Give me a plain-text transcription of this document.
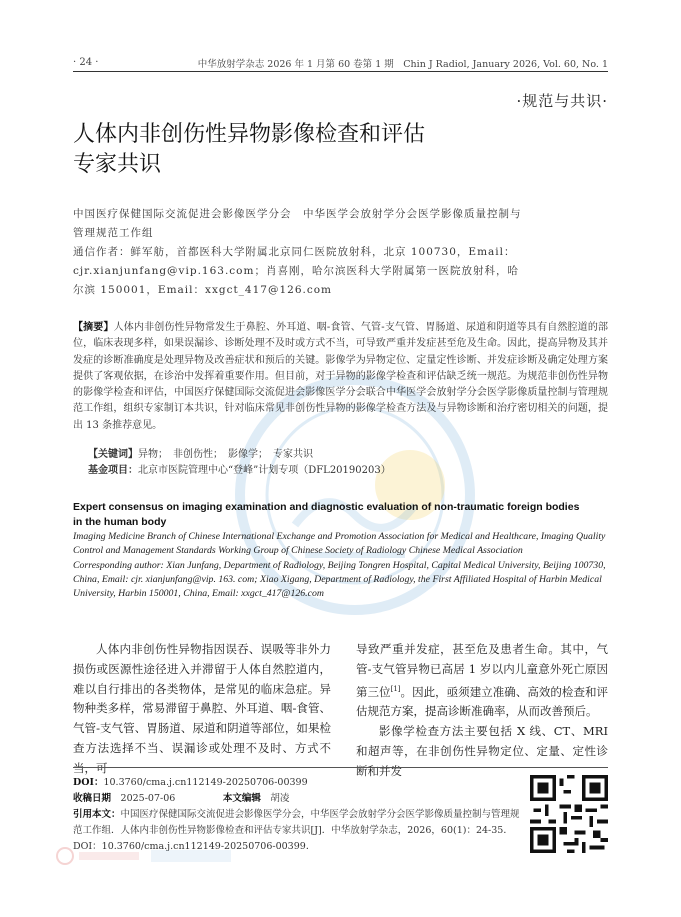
· 24 ·	中华放射学杂志 2026 年 1 月第 60 卷第 1 期　Chin J Radiol, January 2026, Vol. 60, No. 1
·规范与共识·
人体内非创伤性异物影像检查和评估
专家共识
中国医疗保健国际交流促进会影像医学分会　中华医学会放射学分会医学影像质量控制与管理规范工作组
通信作者：鲜军舫，首都医科大学附属北京同仁医院放射科，北京 100730，Email：cjr.xianjunfang@vip.163.com；肖喜刚，哈尔滨医科大学附属第一医院放射科，哈尔滨 150001，Email：xxgct_417@126.com
【摘要】人体内非创伤性异物常发生于鼻腔、外耳道、咽-食管、气管-支气管、胃肠道、尿道和阴道等具有自然腔道的部位，临床表现多样，如果误漏诊、诊断处理不及时或方式不当，可导致严重并发症甚至危及生命。因此，提高异物及其并发症的诊断准确度是处理异物及改善症状和预后的关键。影像学为异物定位、定量定性诊断、并发症诊断及确定处理方案提供了客观依据，在诊治中发挥着重要作用。但目前，对于异物的影像学检查和评估缺乏统一规范。为规范非创伤性异物的影像学检查和评估，中国医疗保健国际交流促进会影像医学分会联合中华医学会放射学分会医学影像质量控制与管理规范工作组，组织专家制订本共识，针对临床常见非创伤性异物的影像学检查方法及与异物诊断和治疗密切相关的问题，提出 13 条推荐意见。
【关键词】异物；　非创伤性；　影像学；　专家共识
基金项目：北京市医院管理中心“登峰”计划专项（DFL20190203）
Expert consensus on imaging examination and diagnostic evaluation of non-traumatic foreign bodies in the human body
Imaging Medicine Branch of Chinese International Exchange and Promotion Association for Medical and Healthcare, Imaging Quality Control and Management Standards Working Group of Chinese Society of Radiology Chinese Medical Association
Corresponding author: Xian Junfang, Department of Radiology, Beijing Tongren Hospital, Capital Medical University, Beijing 100730, China, Email: cjr. xianjunfang@vip. 163. com; Xiao Xigang, Department of Radiology, the First Affiliated Hospital of Harbin Medical University, Harbin 150001, China, Email: xxgct_417@126.com
人体内非创伤性异物指因误吞、误吸等非外力损伤或医源性途径进入并滞留于人体自然腔道内，难以自行排出的各类物体，是常见的临床急症。异物种类多样，常易滞留于鼻腔、外耳道、咽-食管、气管-支气管、胃肠道、尿道和阴道等部位，如果检查方法选择不当、误漏诊或处理不及时、方式不当，可
导致严重并发症，甚至危及患者生命。其中，气管-支气管异物已高居 1 岁以内儿童意外死亡原因第三位[1]。因此，亟须建立准确、高效的检查和评估规范方案，提高诊断准确率，从而改善预后。
影像学检查方法主要包括 X 线、CT、MRI 和超声等，在非创伤性异物定位、定量、定性诊断和并发
DOI：10.3760/cma.j.cn112149-20250706-00399
收稿日期　 2025-07-06　　　　　	本文编辑　 胡凌
引用本文：中国医疗保健国际交流促进会影像医学分会，中华医学会放射学分会医学影像质量控制与管理规范工作组．人体内非创伤性异物影像检查和评估专家共识[J]．中华放射学杂志，2026，60(1)：24-35．DOI：10.3760/cma.j.cn112149-20250706-00399．
